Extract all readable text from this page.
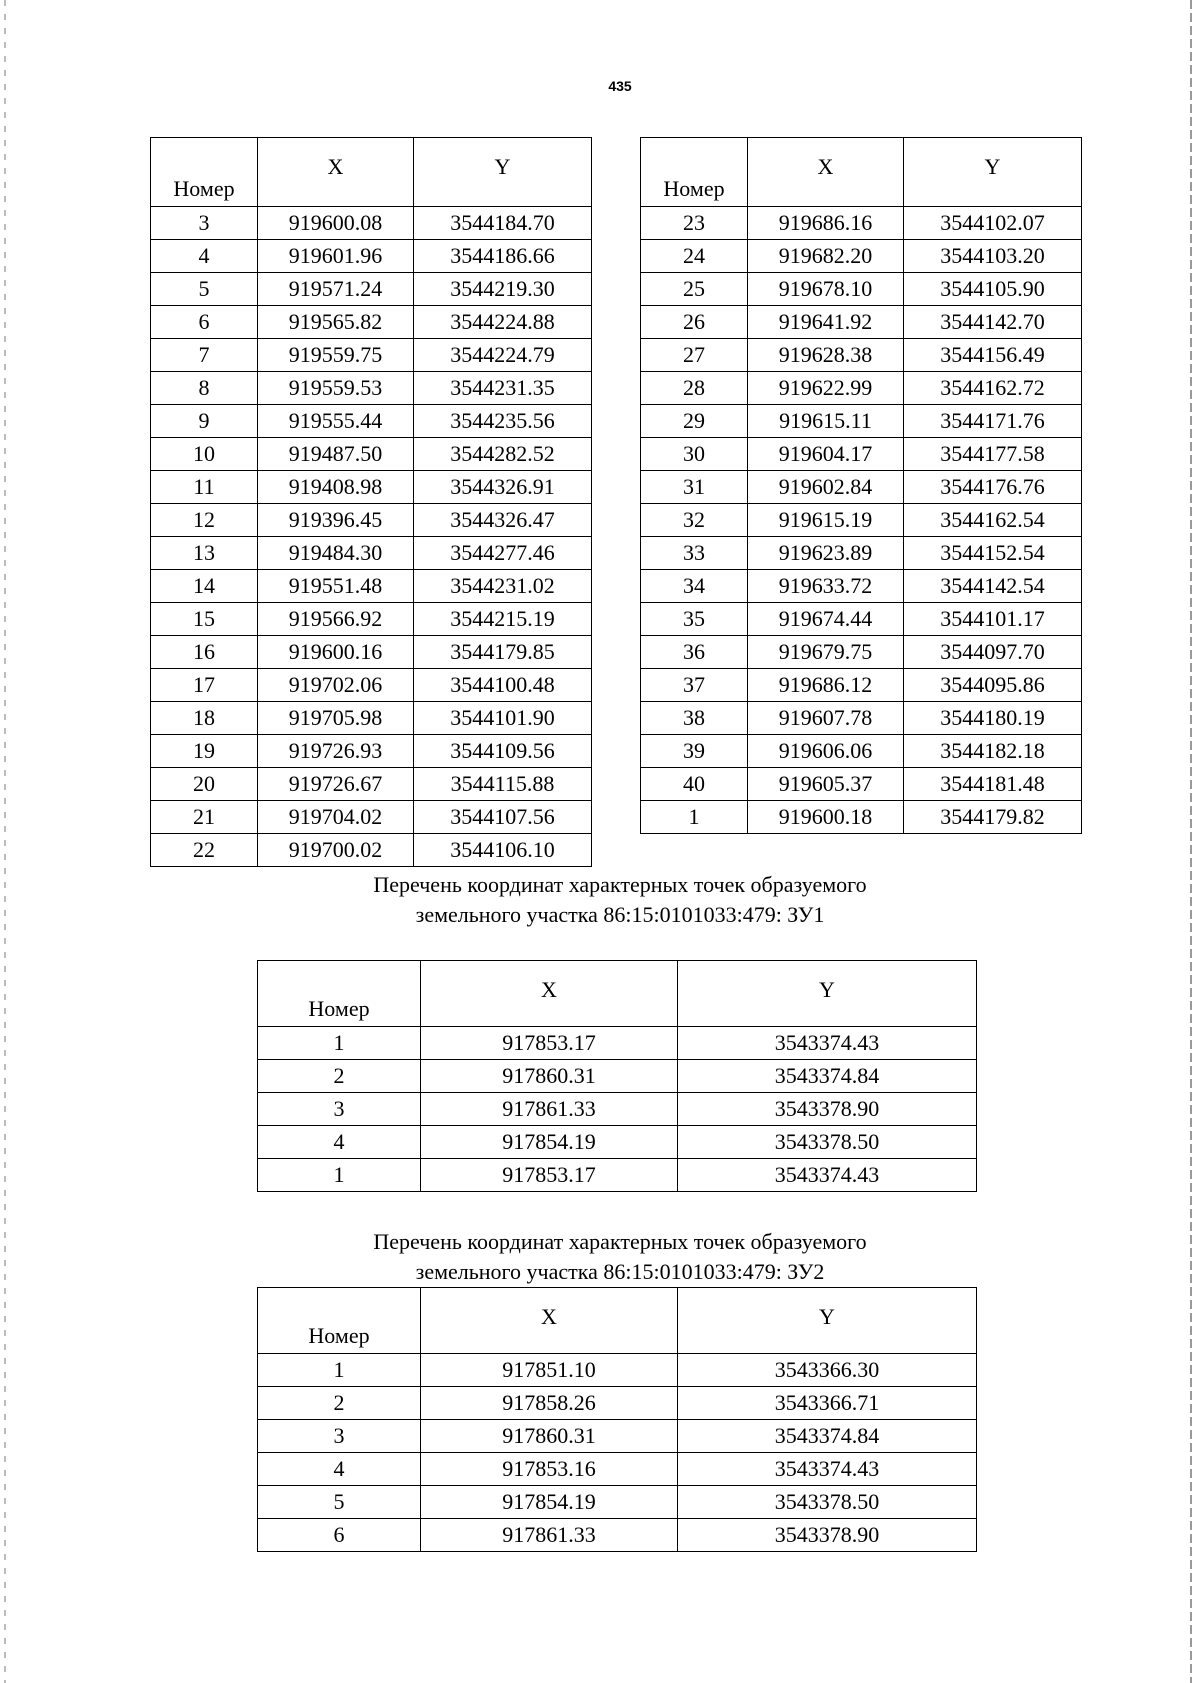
435
Номер	X	Y
3	919600.08	3544184.70
4	919601.96	3544186.66
5	919571.24	3544219.30
6	919565.82	3544224.88
7	919559.75	3544224.79
8	919559.53	3544231.35
9	919555.44	3544235.56
10	919487.50	3544282.52
11	919408.98	3544326.91
12	919396.45	3544326.47
13	919484.30	3544277.46
14	919551.48	3544231.02
15	919566.92	3544215.19
16	919600.16	3544179.85
17	919702.06	3544100.48
18	919705.98	3544101.90
19	919726.93	3544109.56
20	919726.67	3544115.88
21	919704.02	3544107.56
22	919700.02	3544106.10
Номер	X	Y
23	919686.16	3544102.07
24	919682.20	3544103.20
25	919678.10	3544105.90
26	919641.92	3544142.70
27	919628.38	3544156.49
28	919622.99	3544162.72
29	919615.11	3544171.76
30	919604.17	3544177.58
31	919602.84	3544176.76
32	919615.19	3544162.54
33	919623.89	3544152.54
34	919633.72	3544142.54
35	919674.44	3544101.17
36	919679.75	3544097.70
37	919686.12	3544095.86
38	919607.78	3544180.19
39	919606.06	3544182.18
40	919605.37	3544181.48
1	919600.18	3544179.82
Перечень координат характерных точек образуемого
земельного участка 86:15:0101033:479: ЗУ1
Номер	X	Y
1	917853.17	3543374.43
2	917860.31	3543374.84
3	917861.33	3543378.90
4	917854.19	3543378.50
1	917853.17	3543374.43
Перечень координат характерных точек образуемого
земельного участка 86:15:0101033:479: ЗУ2
Номер	X	Y
1	917851.10	3543366.30
2	917858.26	3543366.71
3	917860.31	3543374.84
4	917853.16	3543374.43
5	917854.19	3543378.50
6	917861.33	3543378.90
